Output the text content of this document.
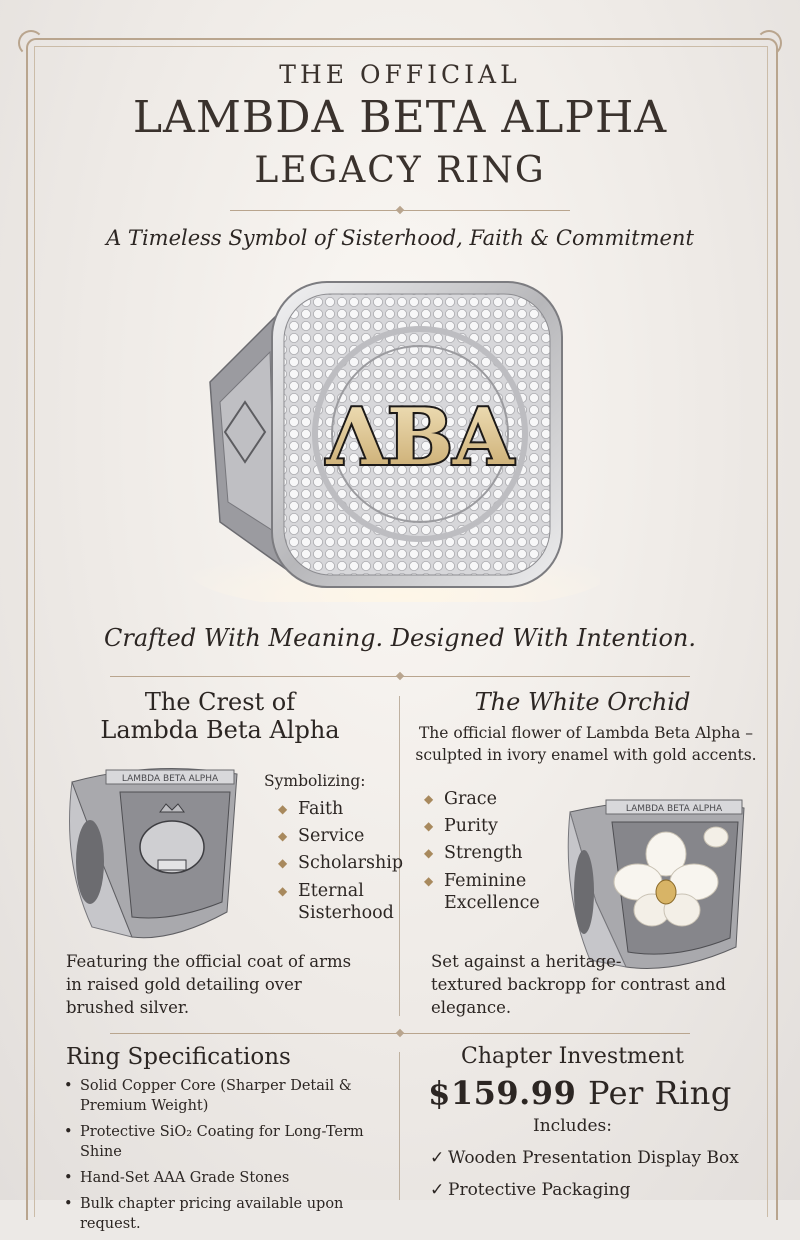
THE OFFICIAL
LAMBDA BETA ALPHA
LEGACY RING
A Timeless Symbol of Sisterhood, Faith & Commitment
ΛΒΑ
Crafted With Meaning. Designed With Intention.
The Crest of
Lambda Beta Alpha
LAMBDA BETA ALPHA	Symbolizing:
◆ Faith
◆ Service
◆ Scholarship
◆ Eternal
Sisterhood
Featuring the official coat of arms
in raised gold detailing over
brushed silver.
The White Orchid
The official flower of Lambda Beta Alpha –
sculpted in ivory enamel with gold accents.
◆ Grace
◆ Purity
◆ Strength
◆ Feminine
Excellence
LAMBDA BETA ALPHA
Set against a heritage-
textured backropp for contrast and
elegance.
Ring Specifications
• Solid Copper Core (Sharper Detail & Premium Weight)
• Protective SiO₂ Coating for Long-Term Shine
• Hand-Set AAA Grade Stones
• Bulk chapter pricing available upon request.
Chapter Investment
$159.99 Per Ring
Includes:
✓ Wooden Presentation Display Box
✓ Protective Packaging
